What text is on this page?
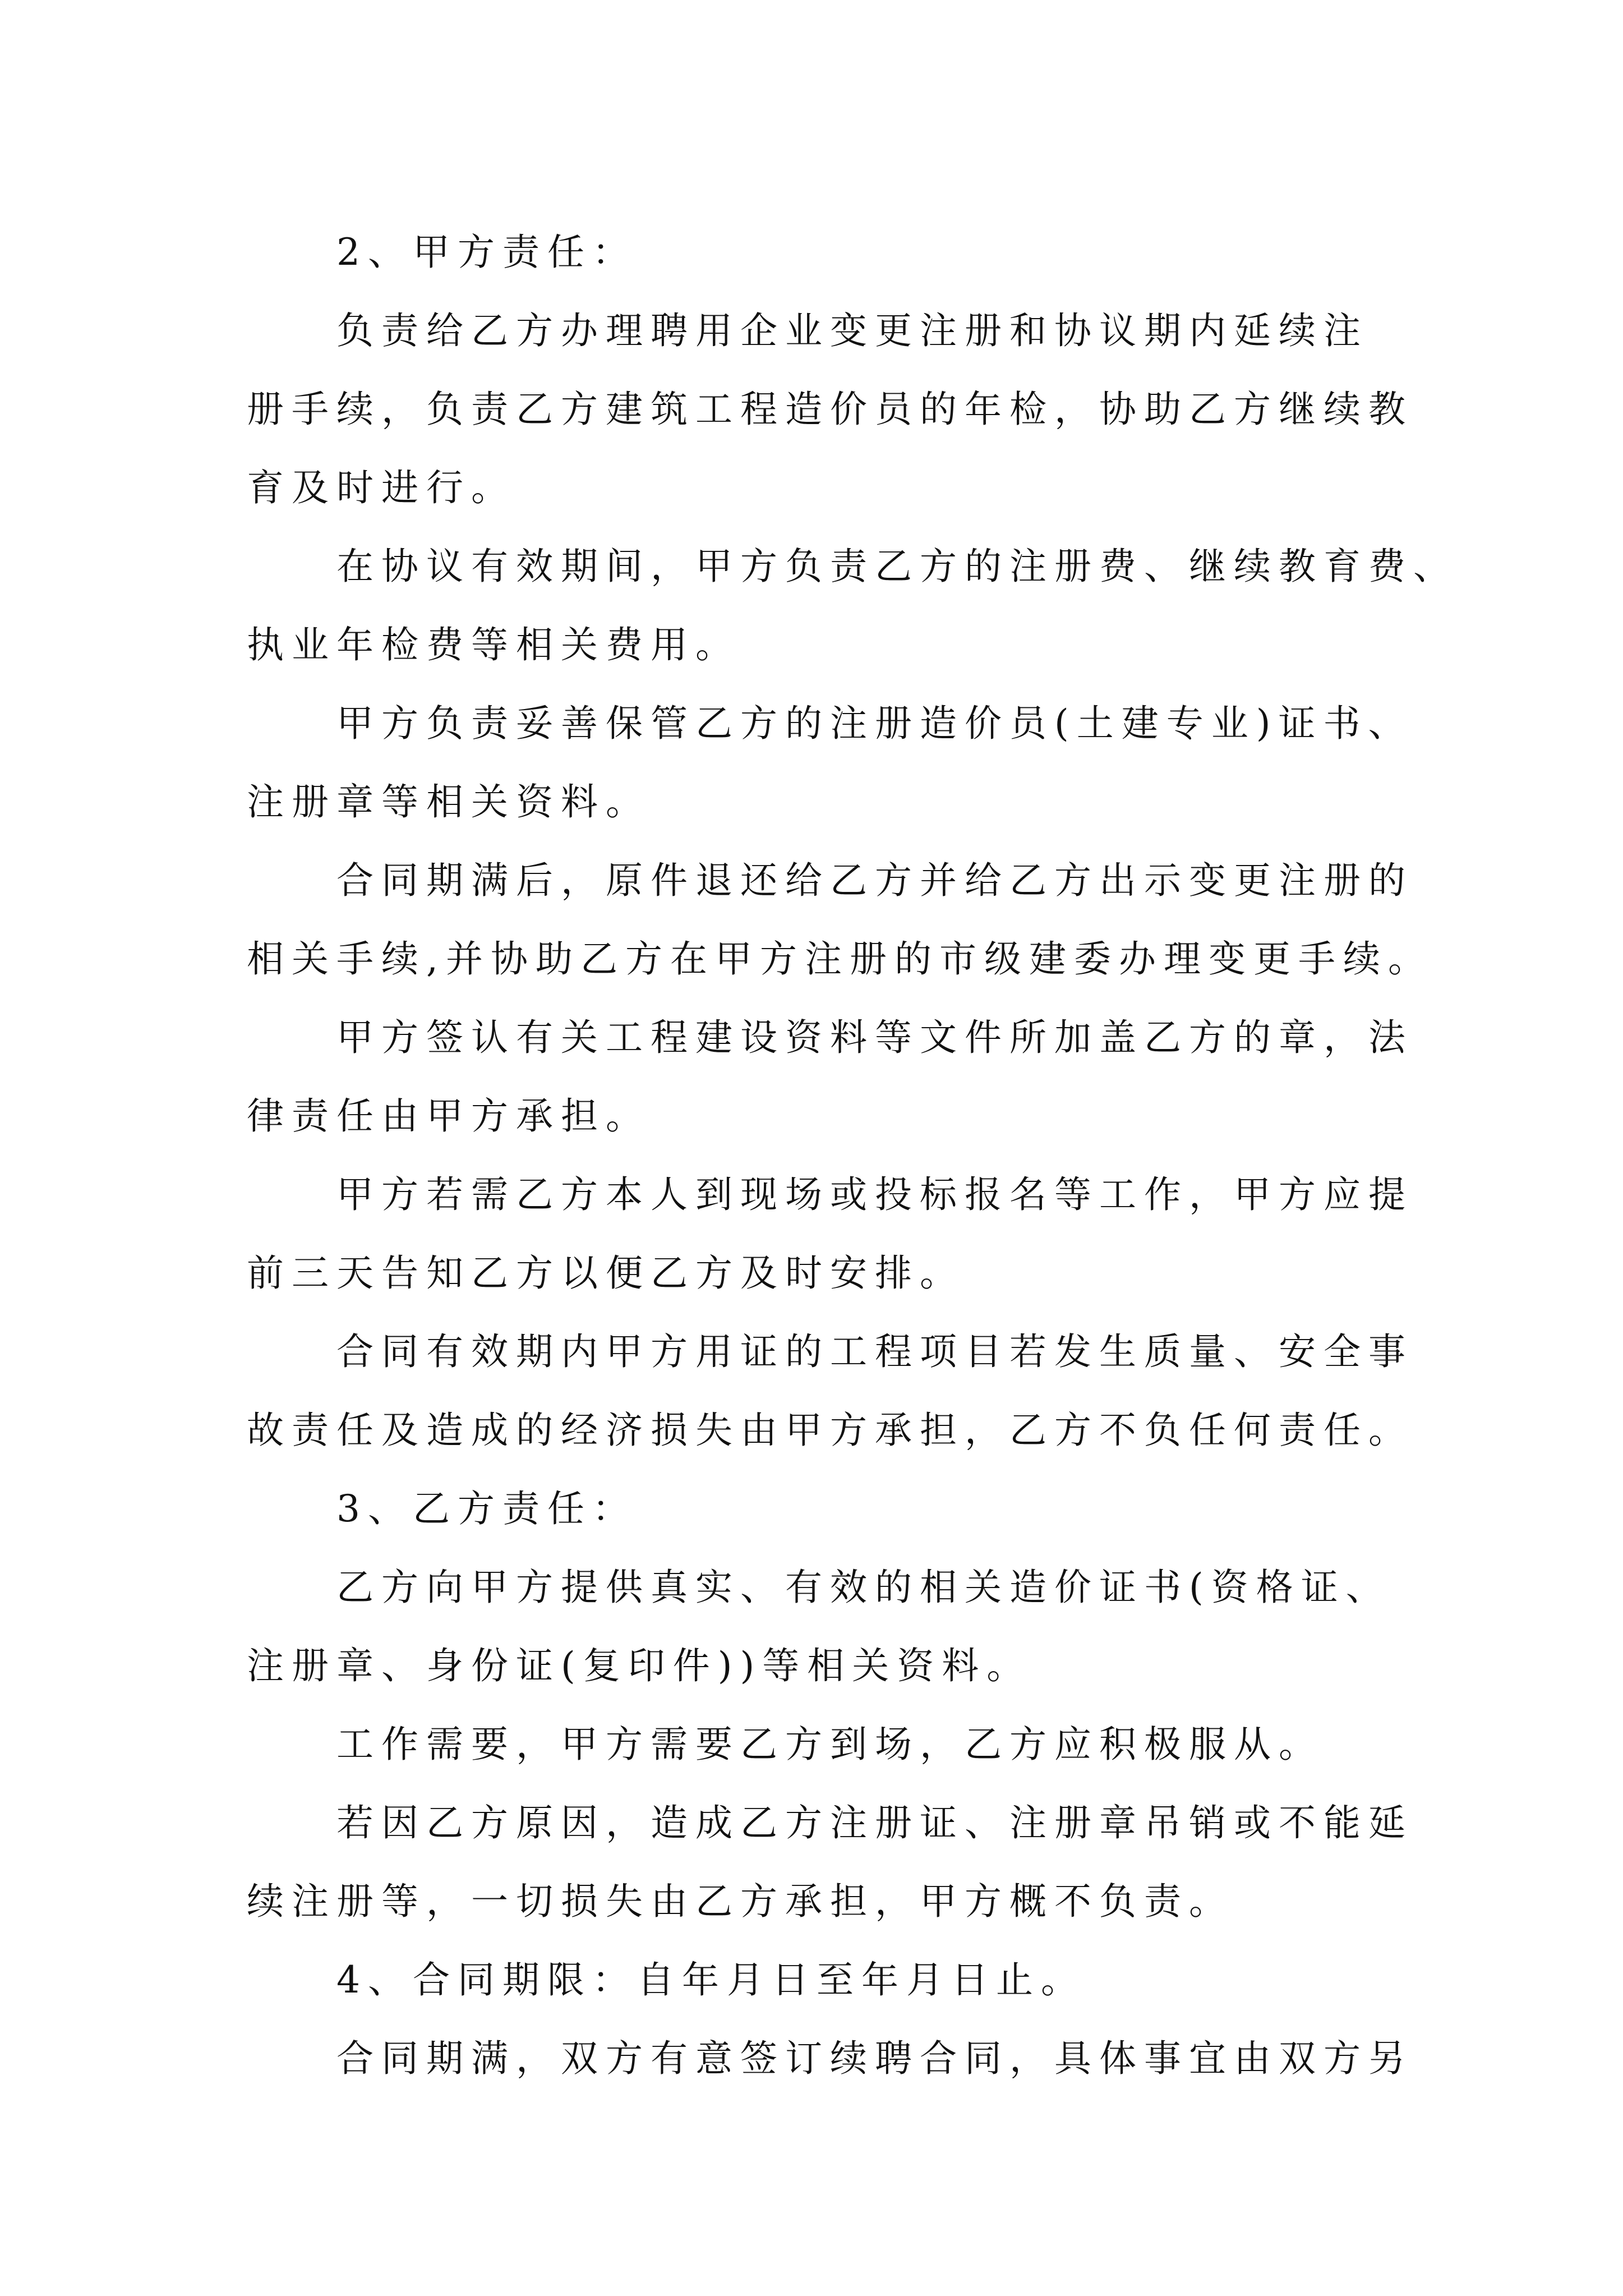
2、甲方责任：
负责给乙方办理聘用企业变更注册和协议期内延续注
册手续，负责乙方建筑工程造价员的年检，协助乙方继续教
育及时进行。
在协议有效期间，甲方负责乙方的注册费、继续教育费、
执业年检费等相关费用。
甲方负责妥善保管乙方的注册造价员(土建专业)证书、
注册章等相关资料。
合同期满后，原件退还给乙方并给乙方出示变更注册的
相关手续,并协助乙方在甲方注册的市级建委办理变更手续。
甲方签认有关工程建设资料等文件所加盖乙方的章，法
律责任由甲方承担。
甲方若需乙方本人到现场或投标报名等工作，甲方应提
前三天告知乙方以便乙方及时安排。
合同有效期内甲方用证的工程项目若发生质量、安全事
故责任及造成的经济损失由甲方承担，乙方不负任何责任。
3、乙方责任：
乙方向甲方提供真实、有效的相关造价证书(资格证、
注册章、身份证(复印件))等相关资料。
工作需要，甲方需要乙方到场，乙方应积极服从。
若因乙方原因，造成乙方注册证、注册章吊销或不能延
续注册等，一切损失由乙方承担，甲方概不负责。
4、合同期限：自年月日至年月日止。
合同期满，双方有意签订续聘合同，具体事宜由双方另
